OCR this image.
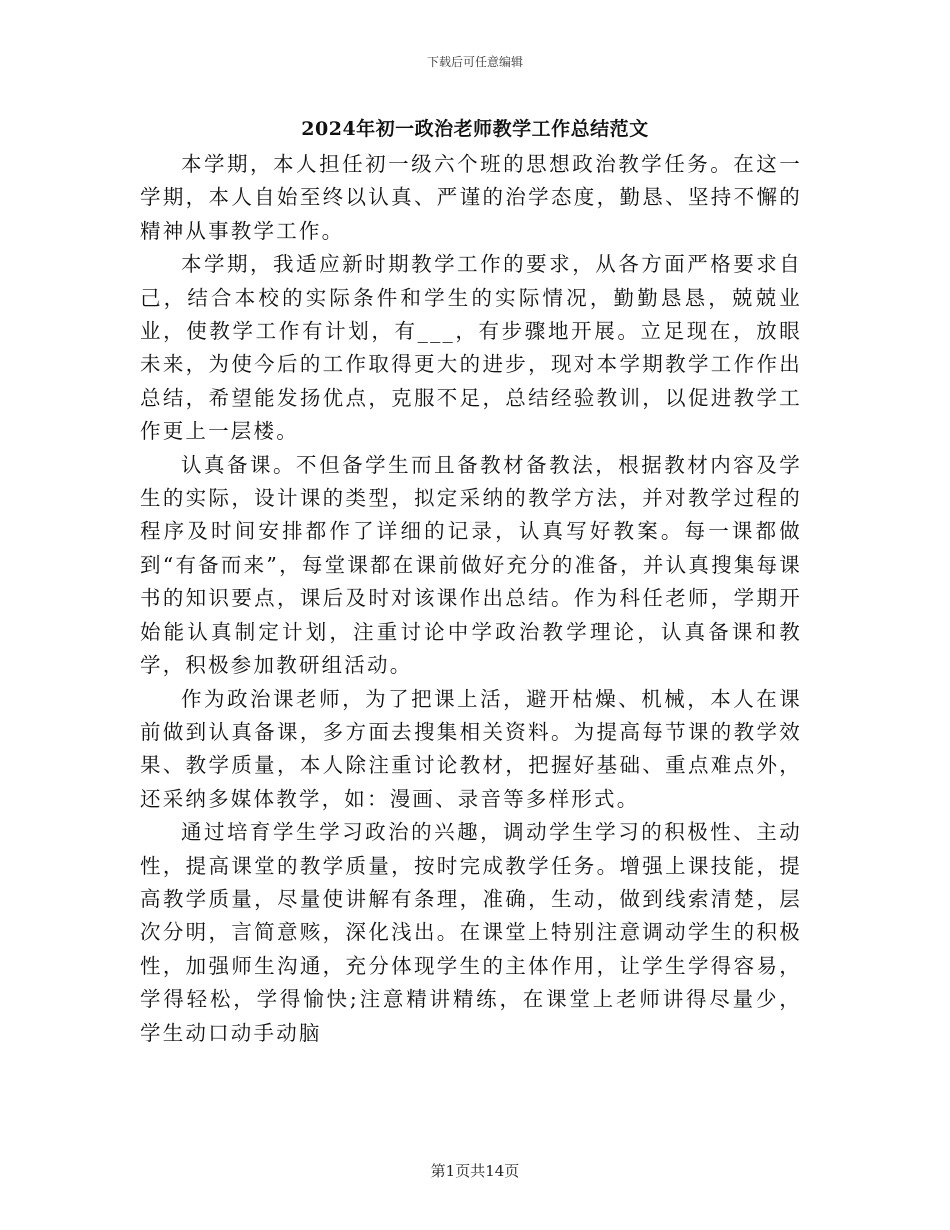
下载后可任意编辑
2024年初一政治老师教学工作总结范文

本学期，本人担任初一级六个班的思想政治教学任务。在这一学期，本人自始至终以认真、严谨的治学态度，勤恳、坚持不懈的精神从事教学工作。

本学期，我适应新时期教学工作的要求，从各方面严格要求自己，结合本校的实际条件和学生的实际情况，勤勤恳恳，兢兢业业，使教学工作有计划，有___，有步骤地开展。立足现在，放眼未来，为使今后的工作取得更大的进步，现对本学期教学工作作出总结，希望能发扬优点，克服不足，总结经验教训，以促进教学工作更上一层楼。

认真备课。不但备学生而且备教材备教法，根据教材内容及学生的实际，设计课的类型，拟定采纳的教学方法，并对教学过程的程序及时间安排都作了详细的记录，认真写好教案。每一课都做到“有备而来”，每堂课都在课前做好充分的准备，并认真搜集每课书的知识要点，课后及时对该课作出总结。作为科任老师，学期开始能认真制定计划，注重讨论中学政治教学理论，认真备课和教学，积极参加教研组活动。

作为政治课老师，为了把课上活，避开枯燥、机械，本人在课前做到认真备课，多方面去搜集相关资料。为提高每节课的教学效果、教学质量，本人除注重讨论教材，把握好基础、重点难点外，还采纳多媒体教学，如：漫画、录音等多样形式。

通过培育学生学习政治的兴趣，调动学生学习的积极性、主动性，提高课堂的教学质量，按时完成教学任务。增强上课技能，提高教学质量，尽量使讲解有条理，准确，生动，做到线索清楚，层次分明，言简意赅，深化浅出。在课堂上特别注意调动学生的积极性，加强师生沟通，充分体现学生的主体作用，让学生学得容易，学得轻松，学得愉快;注意精讲精练，在课堂上老师讲得尽量少，学生动口动手动脑

第1页共14页
